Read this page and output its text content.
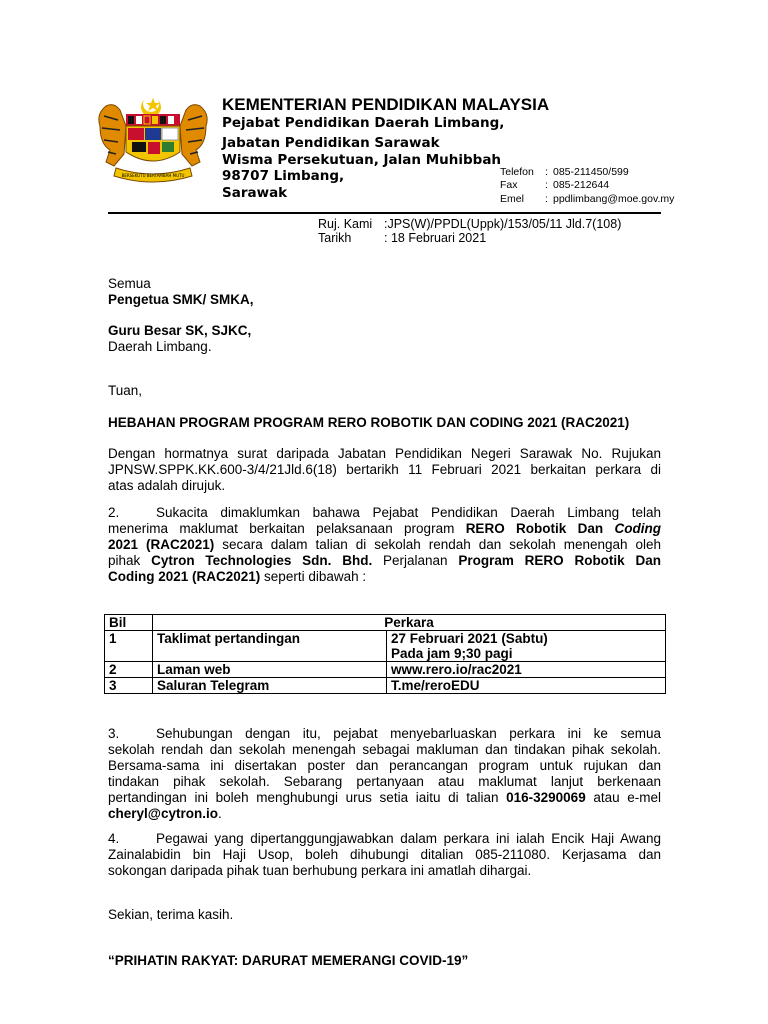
BERSEKUTU BERTAMBAH MUTU
KEMENTERIAN PENDIDIKAN MALAYSIA
Pejabat Pendidikan Daerah Limbang,
Jabatan Pendidikan Sarawak
Wisma Persekutuan, Jalan Muhibbah
98707 Limbang,
Sarawak
Telefon : 085-211450/599
Fax	: 085-212644
Emel : ppdlimbang@moe.gov.my
Ruj. Kami :JPS(W)/PPDL(Uppk)/153/05/11 Jld.7(108)
Tarikh	: 18 Februari 2021
Semua
Pengetua SMK/ SMKA,
Guru Besar SK, SJKC,
Daerah Limbang.
Tuan,
HEBAHAN PROGRAM PROGRAM RERO ROBOTIK DAN CODING 2021 (RAC2021)
Dengan hormatnya surat daripada Jabatan Pendidikan Negeri Sarawak No. Rujukan
JPNSW.SPPK.KK.600-3/4/21Jld.6(18) bertarikh 11 Februari 2021 berkaitan perkara di
atas adalah dirujuk.
2.	Sukacita dimaklumkan bahawa Pejabat Pendidikan Daerah Limbang telah
menerima maklumat berkaitan pelaksanaan program RERO Robotik Dan Coding
2021 (RAC2021) secara dalam talian di sekolah rendah dan sekolah menengah oleh
pihak Cytron Technologies Sdn. Bhd. Perjalanan Program RERO Robotik Dan
Coding 2021 (RAC2021) seperti dibawah :
Bil	Perkara	
1	Taklimat pertandingan	27 Februari 2021 (Sabtu)
Pada jam 9;30 pagi

2	Laman web	www.rero.io/rac2021
3	Saluran Telegram	T.me/reroEDU
3.	Sehubungan dengan itu, pejabat menyebarluaskan perkara ini ke semua
sekolah rendah dan sekolah menengah sebagai makluman dan tindakan pihak sekolah.
Bersama-sama ini disertakan poster dan perancangan program untuk rujukan dan
tindakan pihak sekolah. Sebarang pertanyaan atau maklumat lanjut berkenaan
pertandingan ini boleh menghubungi urus setia iaitu di talian 016-3290069 atau e-mel
cheryl@cytron.io.
4.	Pegawai yang dipertanggungjawabkan dalam perkara ini ialah Encik Haji Awang
Zainalabidin bin Haji Usop, boleh dihubungi ditalian 085-211080. Kerjasama dan
sokongan daripada pihak tuan berhubung perkara ini amatlah dihargai.
Sekian, terima kasih.
“PRIHATIN RAKYAT: DARURAT MEMERANGI COVID-19”
